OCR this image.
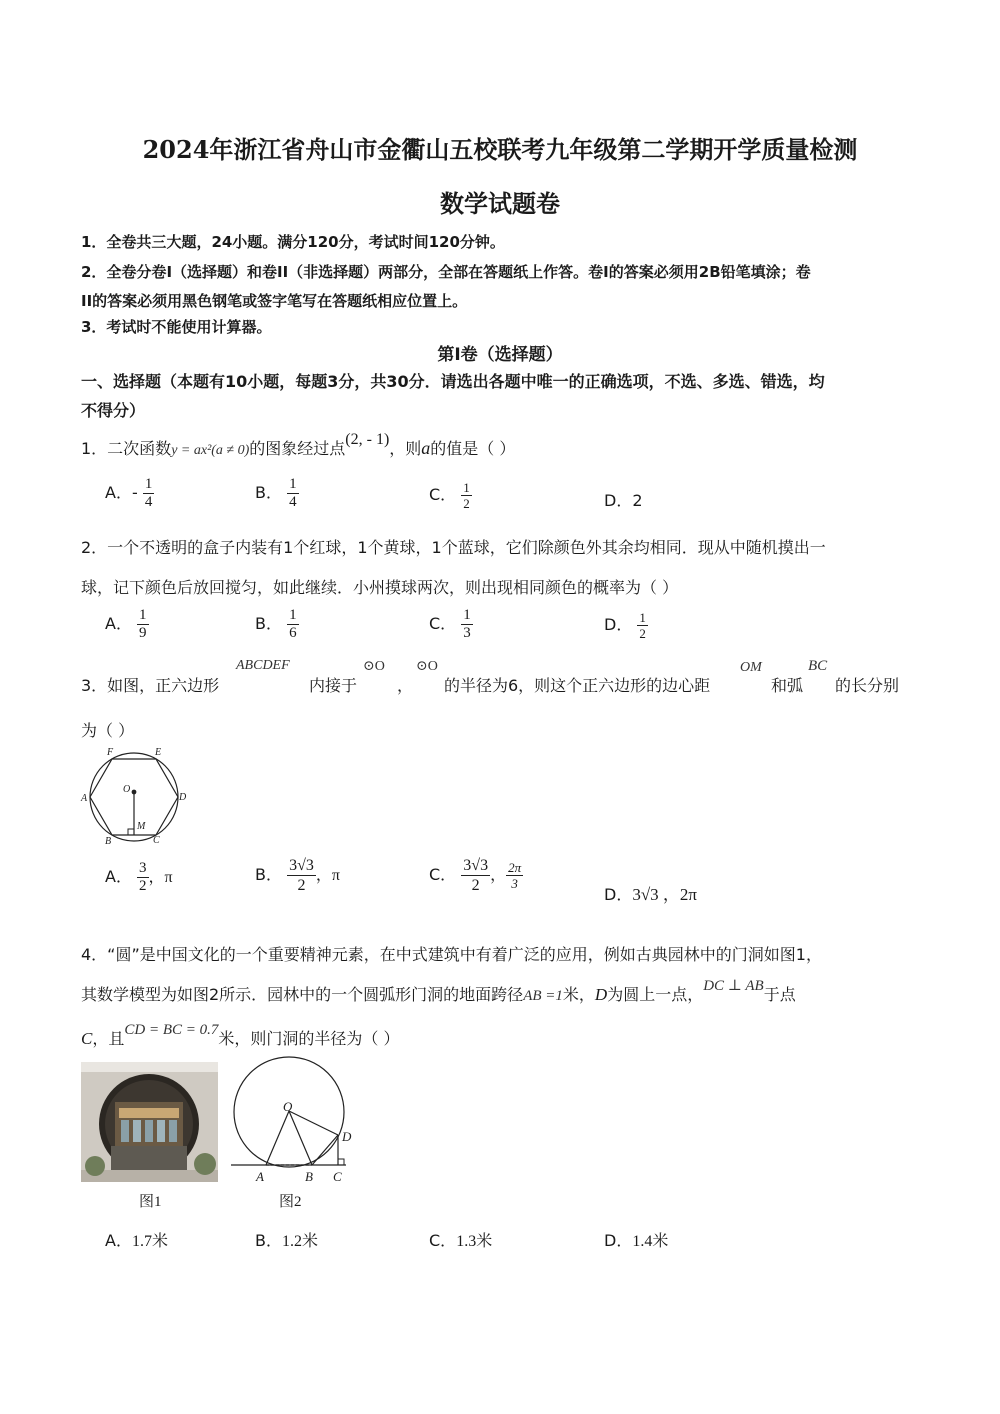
2024年浙江省舟山市金衢山五校联考九年级第二学期开学质量检测
数学试题卷
1．全卷共三大题，24小题。满分120分，考试时间120分钟。
2．全卷分卷I（选择题）和卷II（非选择题）两部分，全部在答题纸上作答。卷I的答案必须用2B铅笔填涂；卷
II的答案必须用黑色钢笔或签字笔写在答题纸相应位置上。
3．考试时不能使用计算器。
第I卷（选择题）
一、选择题（本题有10小题，每题3分，共30分．请选出各题中唯一的正确选项，不选、多选、错选，均
不得分）
1．二次函数y = ax²(a ≠ 0)的图象经过点(2, - 1)，则a的值是（ ）
A．- $\frac{1}{4}$	B． $\frac{1}{4}$	C． $\frac{1}{2}$	D．2
2．一个不透明的盒子内装有1个红球，1个黄球，1个蓝球，它们除颜色外其余均相同．现从中随机摸出一
球，记下颜色后放回搅匀，如此继续．小州摸球两次，则出现相同颜色的概率为（ ）
A． $\frac{1}{9}$	B． $\frac{1}{6}$	C． $\frac{1}{3}$	D． $\frac{1}{2}$
3．如图，正六边形
ABCDEF
内接于
⊙O
，
⊙O
的半径为6，则这个正六边形的边心距
OM
和弧
BC
的长分别
为（ ）
F	E
A
O
D
M
B	C
A． $\frac{3}{2}$ ，π	B． $\frac{3√3}{2}$ ，π	C． $\frac{3√3}{2}$ ， $\frac{2\pi}{3}$
D．3√3 ，2π
4．“圆”是中国文化的一个重要精神元素，在中式建筑中有着广泛的应用，例如古典园林中的门洞如图1，
其数学模型为如图2所示．园林中的一个圆弧形门洞的地面跨径AB =1米，D为圆上一点，DC ⊥ AB于点
C，且CD = BC = 0.7米，则门洞的半径为（ ）
图1
O
D
A	B C
图2
A．1.7米	B．1.2米	C．1.3米	D．1.4米
